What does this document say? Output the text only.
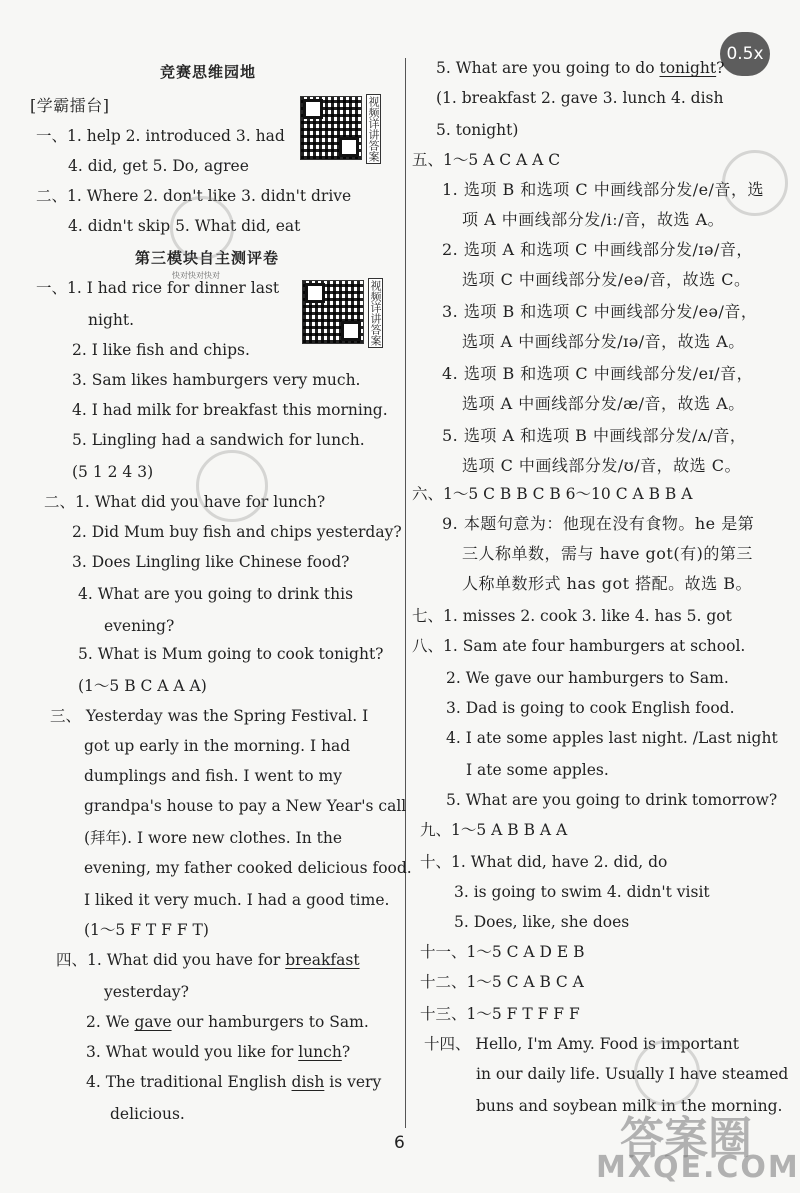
0.5x
竞赛思维园地
[学霸擂台]	视频详讲答案
一、1. help 2. introduced 3. had
4. did, get 5. Do, agree
二、1. Where 2. don't like 3. didn't drive
4. didn't skip 5. What did, eat
第三模块自主测评卷
快对快对快对
视频详讲答案
一、1. I had rice for dinner last
night.
2. I like fish and chips.
3. Sam likes hamburgers very much.
4. I had milk for breakfast this morning.
5. Lingling had a sandwich for lunch.
(5 1 2 4 3)
二、1. What did you have for lunch?
2. Did Mum buy fish and chips yesterday?
3. Does Lingling like Chinese food?
4. What are you going to drink this
evening?
5. What is Mum going to cook tonight?
(1～5 B C A A A)
三、 Yesterday was the Spring Festival. I
got up early in the morning. I had
dumplings and fish. I went to my
grandpa's house to pay a New Year's call
(拜年). I wore new clothes. In the
evening, my father cooked delicious food.
I liked it very much. I had a good time.
(1～5 F T F F T)
四、1. What did you have for breakfast
yesterday?
2. We gave our hamburgers to Sam.
3. What would you like for lunch?
4. The traditional English dish is very
delicious.
5. What are you going to do tonight?
(1. breakfast 2. gave 3. lunch 4. dish
5. tonight)
五、1～5 A C A A C
1. 选项 B 和选项 C 中画线部分发/e/音，选
项 A 中画线部分发/iː/音，故选 A。
2. 选项 A 和选项 C 中画线部分发/ɪə/音，
选项 C 中画线部分发/eə/音，故选 C。
3. 选项 B 和选项 C 中画线部分发/eə/音，
选项 A 中画线部分发/ɪə/音，故选 A。
4. 选项 B 和选项 C 中画线部分发/eɪ/音，
选项 A 中画线部分发/æ/音，故选 A。
5. 选项 A 和选项 B 中画线部分发/ʌ/音，
选项 C 中画线部分发/ʊ/音，故选 C。
六、1～5 C B B C B 6～10 C A B B A
9. 本题句意为：他现在没有食物。he 是第
三人称单数，需与 have got(有)的第三
人称单数形式 has got 搭配。故选 B。
七、1. misses 2. cook 3. like 4. has 5. got
八、1. Sam ate four hamburgers at school.
2. We gave our hamburgers to Sam.
3. Dad is going to cook English food.
4. I ate some apples last night. /Last night
I ate some apples.
5. What are you going to drink tomorrow?
九、1～5 A B B A A
十、1. What did, have 2. did, do
3. is going to swim 4. didn't visit
5. Does, like, she does
十一、1～5 C A D E B
十二、1～5 C A B C A
十三、1～5 F T F F F
十四、 Hello, I'm Amy. Food is important
in our daily life. Usually I have steamed
buns and soybean milk in the morning.
6	答案圈
MXQE.COM
